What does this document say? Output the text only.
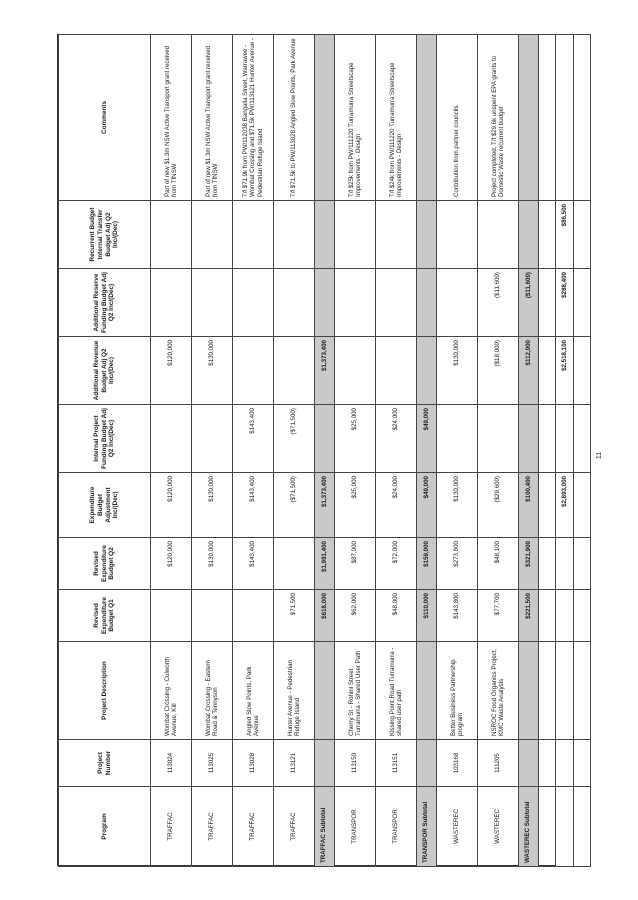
Program	Project Number	Project Description	Revised Expenditure Budget Q1	Revised Expenditure Budget Q2	Expenditure Budget Adjustment Inc/(Dec)	Internal Project Funding Budget Adj Q2 Inc/(Dec)	Additional Revenue Budget Adj Q2 Inc/(Dec)	Additional Reserve Funding Budget Adj Q2 Inc/(Dec)	Recurrent Budget Internal Transfer Budget Adj Q2 Inc/(Dec)	Comments
TRAFFAC	113024	Wombat Crossing - Culworth Avenue, Kill		$120,000	$120,000		$120,000			Part of new $1.3m NSW Active Transport grant received from TfNSW
TRAFFAC	113025	Wombat Crossing - Eastern Road & Tennyson		$130,000	$130,000		$130,000			Part of new $1.3m NSW Active Transport grant received from TfNSW
TRAFFAC	113028	Angled Slow Points, Park Avenue		$143,400	$143,400	$143,400				T/f $71.9k from PW/112038 Bangalla Street, Warrawee - Wombat Crossing and $71.5k PW/113121 Hunter Avenue - Pedestrian Refuge Island
TRAFFAC	113121	Hunter Avenue - Pedestrian Refuge Island	$71,500		($71,500)	($71,500)				T/f $71.5k to PW/113028 Angled Slow Points, Park Avenue
TRAFFAC Subtotal			$618,000	$1,991,400	$1,373,400		$1,373,400			
TRANSPOR	113150	Cherry St - Rohini Street Turramurra - Shared User Path	$62,000	$87,000	$25,000	$25,000				T/f $25k from PW/111220 Turramurra Streetscape Improvements - Design
TRANSPOR	113151	Kissing Point Road Turramurra - shared user path	$48,000	$72,000	$24,000	$24,000				T/f $24k from PW/111220 Turramurra Streetscape Improvements - Design
TRANSPOR Subtotal			$110,000	$159,000	$49,000	$49,000				
WASTEREC	103168	Better Business Partnership program	$143,800	$273,800	$130,000		$130,000			Contribution from partner councils
WASTEREC	111205	NSROC Food Organics Project, KMC Waste Analysis	$77,700	$48,100	($29,600)		($18,000)	($11,600)		Project completed. T/f $29.6k unspent EPA grants to Domestic Waste recurrent budget
WASTEREC Subtotal			$221,500	$321,900	$100,400		$112,000	($11,600)		

					$2,893,000		$2,518,100	$288,400	$86,500	

11
